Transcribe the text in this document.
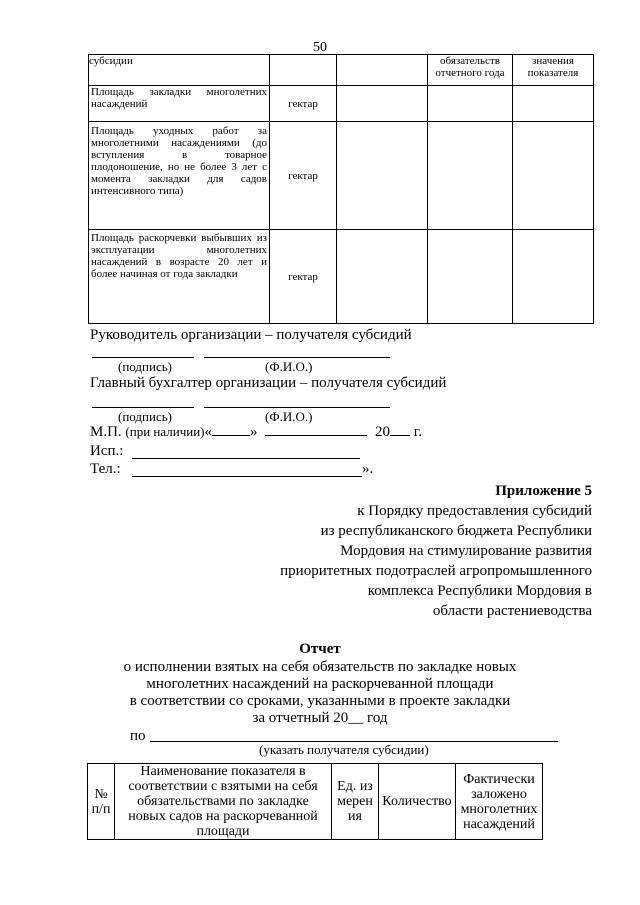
50
субсидии			обязательств отчетного года	значения показателя
Площадь закладки многолетних насаждений	гектар			
Площадь уходных работ за многолетними насаждениями (до вступления в товарное плодоношение, но не более 3 лет с момента закладки для садов интенсивного типа)	гектар			
Площадь раскорчевки выбывших из эксплуатации многолетних насаждений в возрасте 20 лет и более начиная от года закладки	гектар			
Руководитель организации – получателя субсидий
(подпись)	(Ф.И.О.)
Главный бухгалтер организации – получателя субсидий
(подпись)	(Ф.И.О.)
М.П. (при наличии)«	»	20 г.
Исп.:
Тел.:	».
Приложение 5
к Порядку предоставления субсидий
из республиканского бюджета Республики
Мордовия на стимулирование развития
приоритетных подотраслей агропромышленного
комплекса Республики Мордовия в
области растениеводства
Отчет
о исполнении взятых на себя обязательств по закладке новых
многолетних насаждений на раскорчеванной площади
в соответствии со сроками, указанными в проекте закладки
за отчетный 20__ год
по
(указать получателя субсидии)
№ п/п	Наименование показателя в соответствии с взятыми на себя обязательствами по закладке новых садов на раскорчеванной площади	Ед. измерения	Количество	Фактически заложено многолетних насаждений
